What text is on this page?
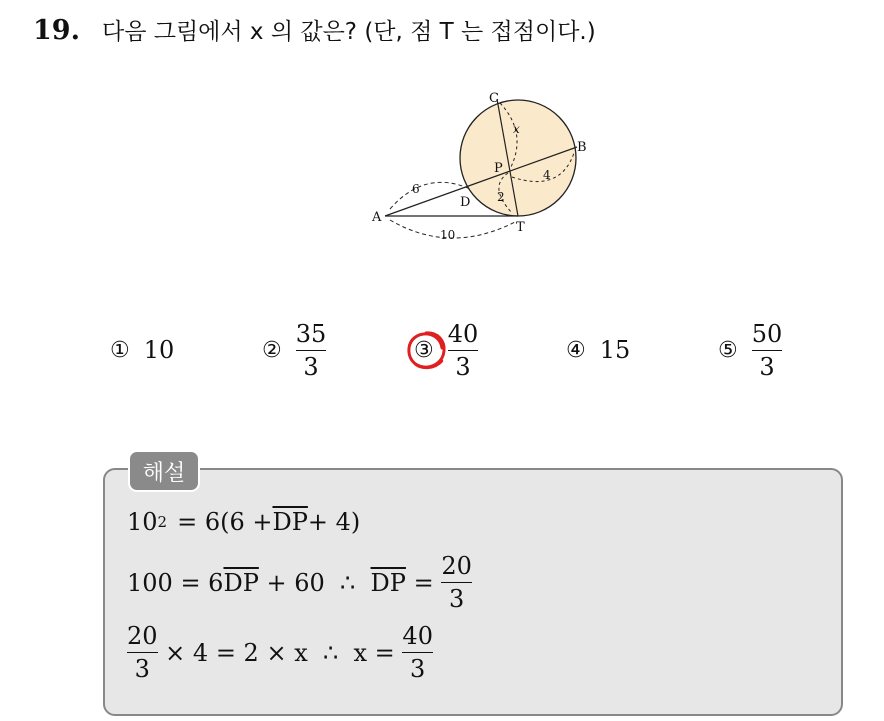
19. 다음 그림에서 x 의 값은? (단, 점 T 는 접점이다.)
C
B
P
D
A
T
6
10
2
4
x
① 10	② $\frac{35}{3}$	③ $\frac{40}{3}$	④ 15	⑤ $\frac{50}{3}$
해설
10 $2 = 6(6 + \overline{DP} + 4)$
100 = 6 $\overline{DP} + 60$  ∴ $\overline{DP} = \frac{20}{3}$
$\frac{20}{3} \times 4 = 2 \times x$  ∴  $x = \frac{40}{3}$
